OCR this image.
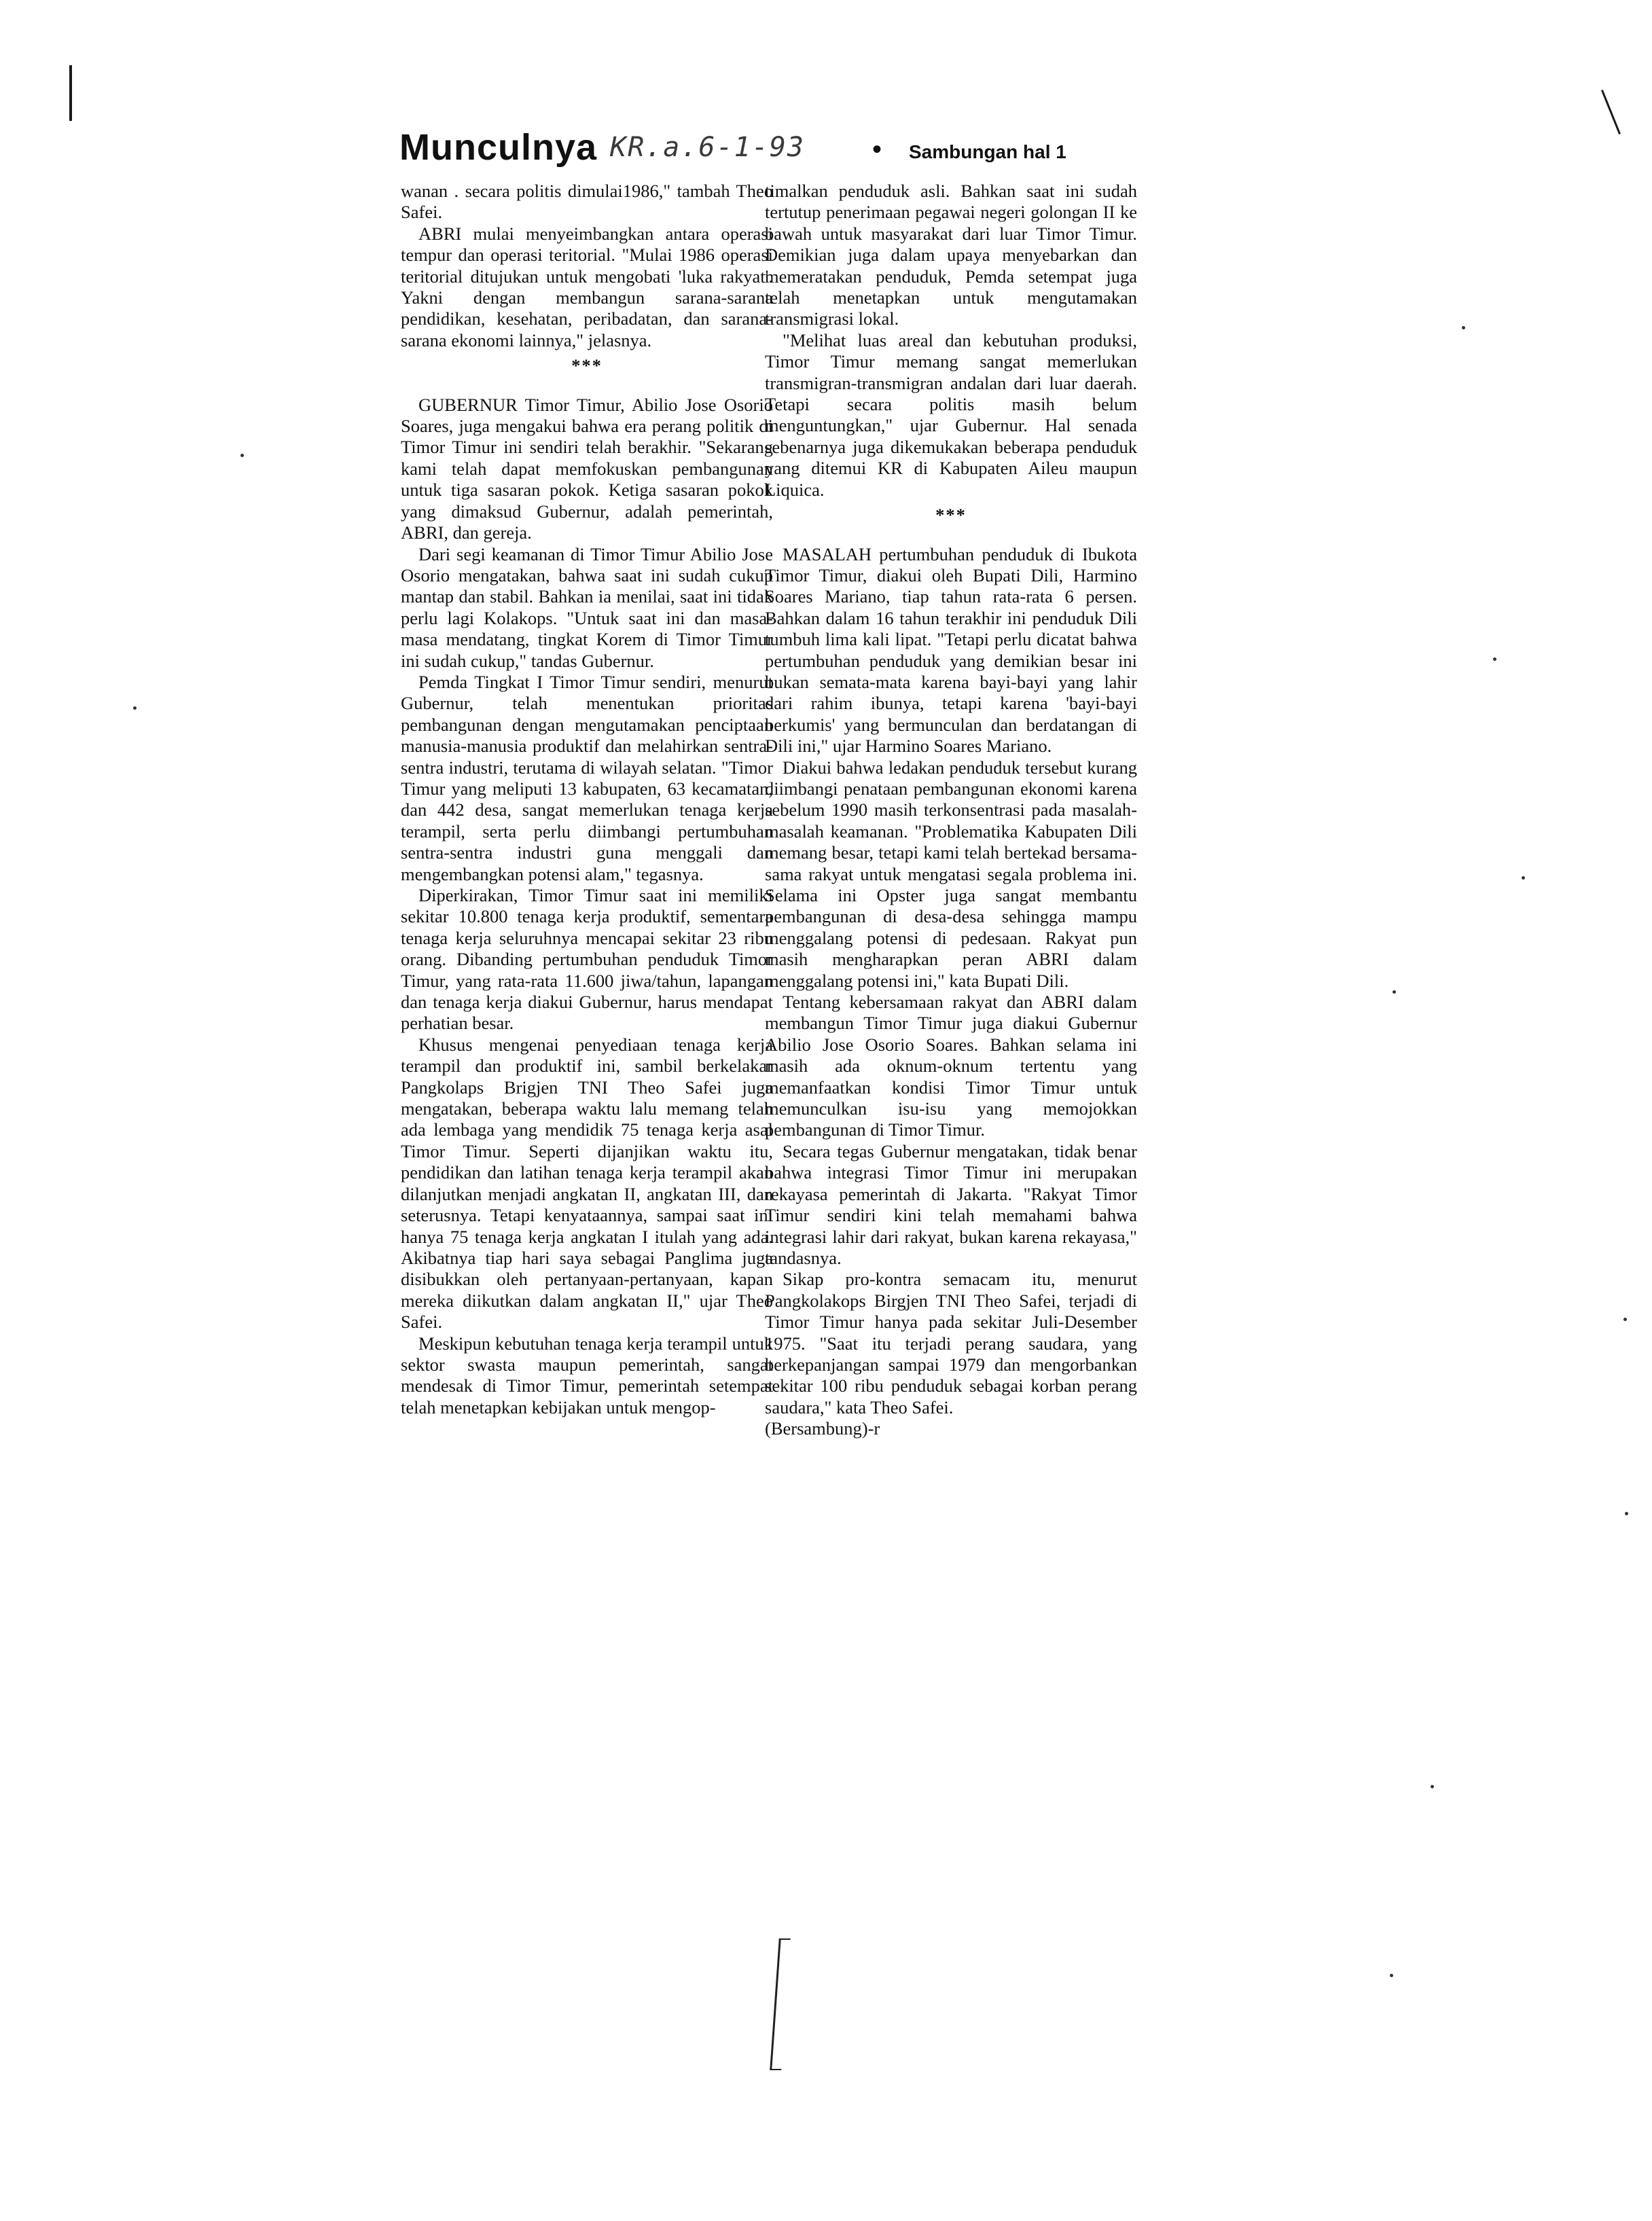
Munculnya KR.a.6-1-93 • Sambungan hal 1

wanan . secara politis dimulai1986," tambah Theo Safei.

ABRI mulai menyeimbangkan antara operasi tempur dan operasi teritorial. "Mulai 1986 operasi teritorial ditujukan untuk mengobati 'luka rakyat'. Yakni dengan membangun sarana-sarana pendidikan, kesehatan, peribadatan, dan sarana-sarana ekonomi lainnya," jelasnya.

***

GUBERNUR Timor Timur, Abilio Jose Osorio Soares, juga mengakui bahwa era perang politik di Timor Timur ini sendiri telah berakhir. "Sekarang kami telah dapat memfokuskan pembangunan untuk tiga sasaran pokok. Ketiga sasaran pokok yang dimaksud Gubernur, adalah pemerintah, ABRI, dan gereja.

Dari segi keamanan di Timor Timur Abilio Jose Osorio mengatakan, bahwa saat ini sudah cukup mantap dan stabil. Bahkan ia menilai, saat ini tidak perlu lagi Kolakops. "Untuk saat ini dan masa-masa mendatang, tingkat Korem di Timor Timur ini sudah cukup," tandas Gubernur.

Pemda Tingkat I Timor Timur sendiri, menurut Gubernur, telah menentukan prioritas pembangunan dengan mengutamakan penciptaan manusia-manusia produktif dan melahirkan sentra-sentra industri, terutama di wilayah selatan. "Timor Timur yang meliputi 13 kabupaten, 63 kecamatan, dan 442 desa, sangat memerlukan tenaga kerja terampil, serta perlu diimbangi pertumbuhan sentra-sentra industri guna menggali dan mengembangkan potensi alam," tegasnya.

Diperkirakan, Timor Timur saat ini memiliki sekitar 10.800 tenaga kerja produktif, sementara tenaga kerja seluruhnya mencapai sekitar 23 ribu orang. Dibanding pertumbuhan penduduk Timor Timur, yang rata-rata 11.600 jiwa/tahun, lapangan dan tenaga kerja diakui Gubernur, harus mendapat perhatian besar.

Khusus mengenai penyediaan tenaga kerja terampil dan produktif ini, sambil berkelakar Pangkolaps Brigjen TNI Theo Safei juga mengatakan, beberapa waktu lalu memang telah ada lembaga yang mendidik 75 tenaga kerja asal Timor Timur. Seperti dijanjikan waktu itu, pendidikan dan latihan tenaga kerja terampil akan dilanjutkan menjadi angkatan II, angkatan III, dan seterusnya. Tetapi kenyataannya, sampai saat ini hanya 75 tenaga kerja angkatan I itulah yang ada. Akibatnya tiap hari saya sebagai Panglima juga disibukkan oleh pertanyaan-pertanyaan, kapan mereka diikutkan dalam angkatan II," ujar Theo Safei.

Meskipun kebutuhan tenaga kerja terampil untuk sektor swasta maupun pemerintah, sangat mendesak di Timor Timur, pemerintah setempat telah menetapkan kebijakan untuk mengop-

timalkan penduduk asli. Bahkan saat ini sudah tertutup penerimaan pegawai negeri golongan II ke bawah untuk masyarakat dari luar Timor Timur. Demikian juga dalam upaya menyebarkan dan memeratakan penduduk, Pemda setempat juga telah menetapkan untuk mengutamakan transmigrasi lokal.

"Melihat luas areal dan kebutuhan produksi, Timor Timur memang sangat memerlukan transmigran-transmigran andalan dari luar daerah. Tetapi secara politis masih belum menguntungkan," ujar Gubernur. Hal senada sebenarnya juga dikemukakan beberapa penduduk yang ditemui KR di Kabupaten Aileu maupun Liquica.

***

MASALAH pertumbuhan penduduk di Ibukota Timor Timur, diakui oleh Bupati Dili, Harmino Soares Mariano, tiap tahun rata-rata 6 persen. Bahkan dalam 16 tahun terakhir ini penduduk Dili tumbuh lima kali lipat. "Tetapi perlu dicatat bahwa pertumbuhan penduduk yang demikian besar ini bukan semata-mata karena bayi-bayi yang lahir dari rahim ibunya, tetapi karena 'bayi-bayi berkumis' yang bermunculan dan berdatangan di Dili ini," ujar Harmino Soares Mariano.

Diakui bahwa ledakan penduduk tersebut kurang diimbangi penataan pembangunan ekonomi karena sebelum 1990 masih terkonsentrasi pada masalah-masalah keamanan. "Problematika Kabupaten Dili memang besar, tetapi kami telah bertekad bersama-sama rakyat untuk mengatasi segala problema ini. Selama ini Opster juga sangat membantu pembangunan di desa-desa sehingga mampu menggalang potensi di pedesaan. Rakyat pun masih mengharapkan peran ABRI dalam menggalang potensi ini," kata Bupati Dili.

Tentang kebersamaan rakyat dan ABRI dalam membangun Timor Timur juga diakui Gubernur Abilio Jose Osorio Soares. Bahkan selama ini masih ada oknum-oknum tertentu yang memanfaatkan kondisi Timor Timur untuk memunculkan isu-isu yang memojokkan pembangunan di Timor Timur.

Secara tegas Gubernur mengatakan, tidak benar bahwa integrasi Timor Timur ini merupakan rekayasa pemerintah di Jakarta. "Rakyat Timor Timur sendiri kini telah memahami bahwa integrasi lahir dari rakyat, bukan karena rekayasa," tandasnya.

Sikap pro-kontra semacam itu, menurut Pangkolakops Birgjen TNI Theo Safei, terjadi di Timor Timur hanya pada sekitar Juli-Desember 1975. "Saat itu terjadi perang saudara, yang berkepanjangan sampai 1979 dan mengorbankan sekitar 100 ribu penduduk sebagai korban perang saudara," kata Theo Safei.

(Bersambung)-r
